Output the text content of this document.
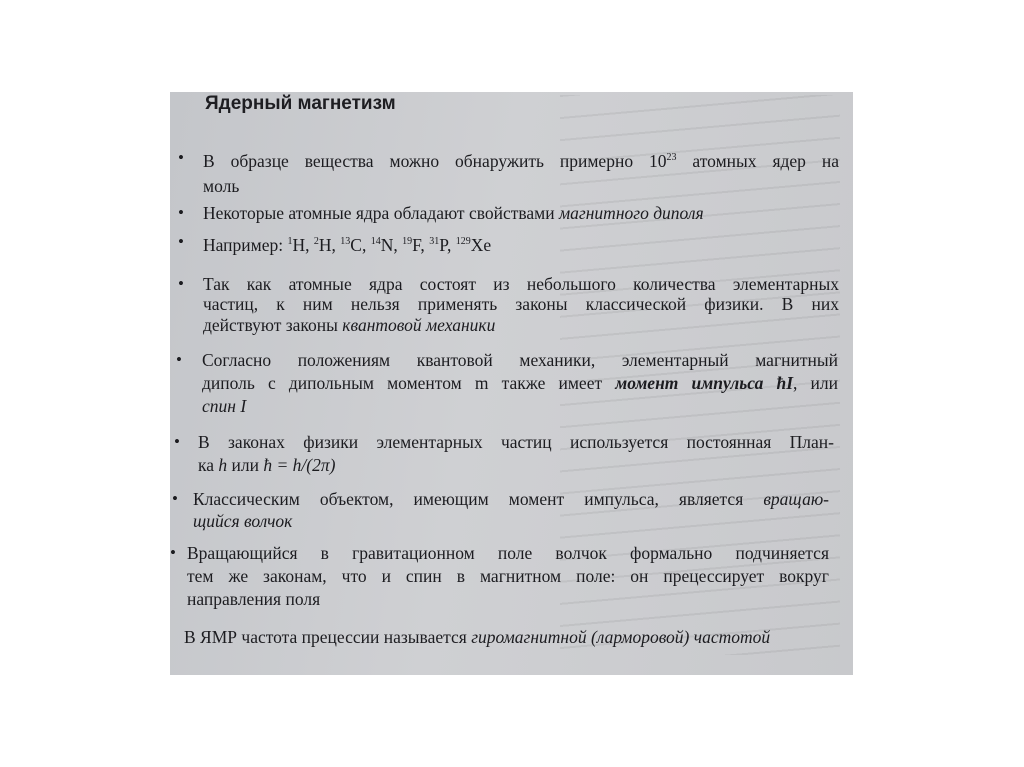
Ядерный магнетизм
• В образце вещества можно обнаружить примерно $10^{23}$ атомных ядер на
моль
• Некоторые атомные ядра обладают свойствами магнитного диполя
• Например: $^1$H, $^2$H, $^{13}$C, $^{14}$N, $^{19}$F, $^{31}$P, $^{129}$Xe
• Так как атомные ядра состоят из небольшого количества элементарных
частиц, к ним нельзя применять законы классической физики. В них
действуют законы квантовой механики
• Согласно положениям квантовой механики, элементарный магнитный
диполь с дипольным моментом m также имеет момент импульса ħI, или
спин I
• В законах физики элементарных частиц используется постоянная План-
ка h или ħ = h/(2π)
• Классическим объектом, имеющим момент импульса, является вращаю-
щийся волчок
• Вращающийся в гравитационном поле волчок формально подчиняется
тем же законам, что и спин в магнитном поле: он прецессирует вокруг
направления поля
В ЯМР частота прецессии называется гиромагнитной (ларморовой) частотой
